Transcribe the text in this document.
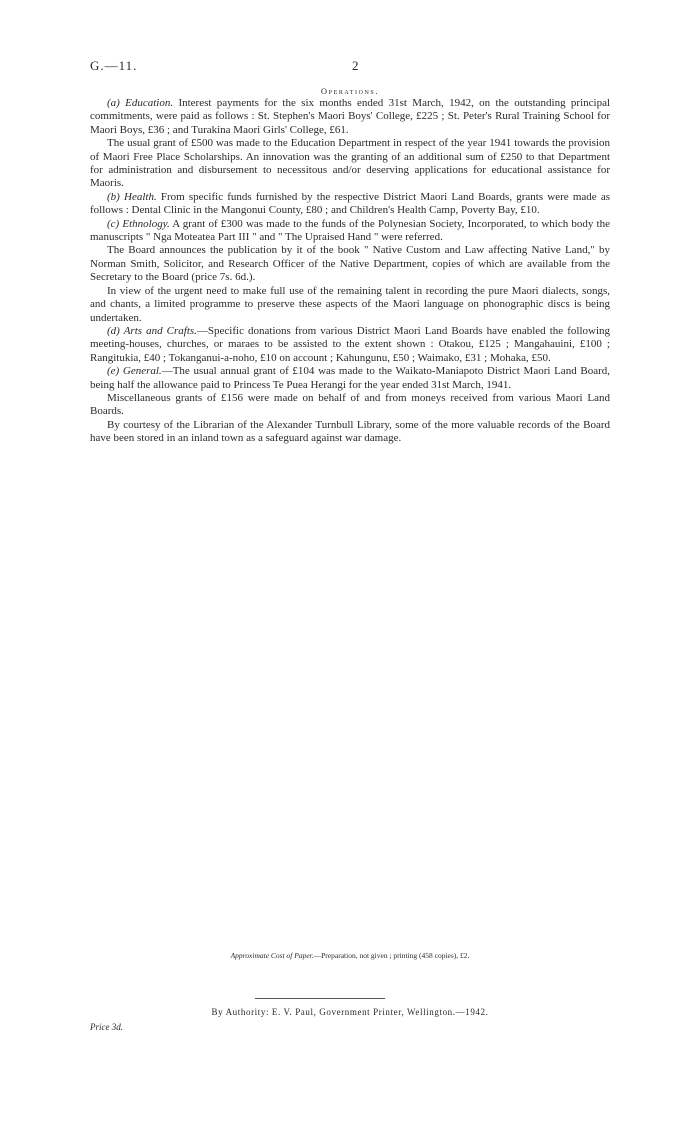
G.—11.	2
Operations.

(a) Education. Interest payments for the six months ended 31st March, 1942, on the outstanding principal commitments, were paid as follows : St. Stephen's Maori Boys' College, £225 ; St. Peter's Rural Training School for Maori Boys, £36 ; and Turakina Maori Girls' College, £61.

The usual grant of £500 was made to the Education Department in respect of the year 1941 towards the provision of Maori Free Place Scholarships. An innovation was the granting of an additional sum of £250 to that Department for administration and disbursement to necessitous and/or deserving applications for educational assistance for Maoris.

(b) Health. From specific funds furnished by the respective District Maori Land Boards, grants were made as follows : Dental Clinic in the Mangonui County, £80 ; and Children's Health Camp, Poverty Bay, £10.

(c) Ethnology. A grant of £300 was made to the funds of the Polynesian Society, Incorporated, to which body the manuscripts " Nga Moteatea Part III " and " The Upraised Hand " were referred.

The Board announces the publication by it of the book " Native Custom and Law affecting Native Land," by Norman Smith, Solicitor, and Research Officer of the Native Department, copies of which are available from the Secretary to the Board (price 7s. 6d.).

In view of the urgent need to make full use of the remaining talent in recording the pure Maori dialects, songs, and chants, a limited programme to preserve these aspects of the Maori language on phonographic discs is being undertaken.

(d) Arts and Crafts.—Specific donations from various District Maori Land Boards have enabled the following meeting-houses, churches, or maraes to be assisted to the extent shown : Otakou, £125 ; Mangahauini, £100 ; Rangitukia, £40 ; Tokanganui-a-noho, £10 on account ; Kahungunu, £50 ; Waimako, £31 ; Mohaka, £50.

(e) General.—The usual annual grant of £104 was made to the Waikato-Maniapoto District Maori Land Board, being half the allowance paid to Princess Te Puea Herangi for the year ended 31st March, 1941.

Miscellaneous grants of £156 were made on behalf of and from moneys received from various Maori Land Boards.

By courtesy of the Librarian of the Alexander Turnbull Library, some of the more valuable records of the Board have been stored in an inland town as a safeguard against war damage.

Approximate Cost of Paper.—Preparation, not given ; printing (458 copies), £2.
By Authority: E. V. Paul, Government Printer, Wellington.—1942.
Price 3d.
